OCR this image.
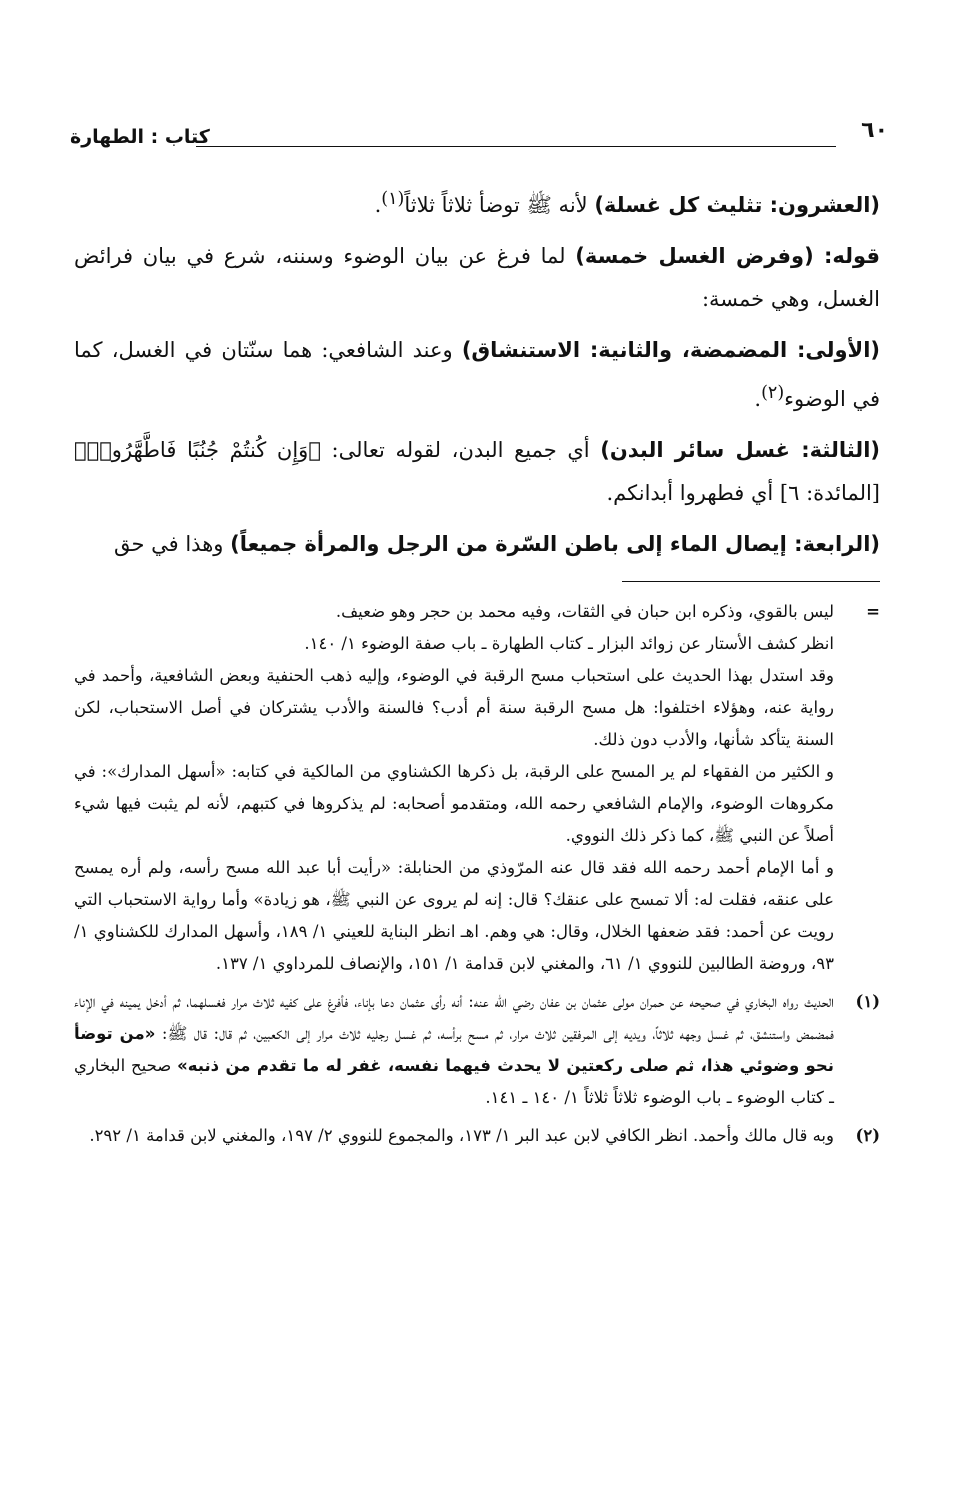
٦٠
كتاب : الطهارة

(العشرون: تثليث كل غسلة) لأنه ﷺ توضأ ثلاثاً ثلاثاً$^{(١)}$.

قوله: (وفرض الغسل خمسة) لما فرغ عن بيان الوضوء وسننه، شرع في بيان فرائض الغسل، وهي خمسة:

(الأولى: المضمضة، والثانية: الاستنشاق) وعند الشافعي: هما سنّتان في الغسل، كما في الوضوء$^{(٢)}$.

(الثالثة: غسل سائر البدن) أي جميع البدن، لقوله تعالى: ﴿وَإِن كُنتُمْ جُنُبًا فَاطَّهَّرُوا۟﴾ [المائدة: ٦] أي فطهروا أبدانكم.

(الرابعة: إيصال الماء إلى باطن السّرة من الرجل والمرأة جميعاً) وهذا في حق

=

ليس بالقوي، وذكره ابن حبان في الثقات، وفيه محمد بن حجر وهو ضعيف.

انظر كشف الأستار عن زوائد البزار ـ كتاب الطهارة ـ باب صفة الوضوء ١/ ١٤٠.

وقد استدل بهذا الحديث على استحباب مسح الرقبة في الوضوء، وإليه ذهب الحنفية وبعض الشافعية، وأحمد في رواية عنه، وهؤلاء اختلفوا: هل مسح الرقبة سنة أم أدب؟ فالسنة والأدب يشتركان في أصل الاستحباب، لكن السنة يتأكد شأنها، والأدب دون ذلك.

و الكثير من الفقهاء لم ير المسح على الرقبة، بل ذكرها الكشناوي من المالكية في كتابه: «أسهل المدارك»: في مكروهات الوضوء، والإمام الشافعي رحمه الله، ومتقدمو أصحابه: لم يذكروها في كتبهم، لأنه لم يثبت فيها شيء أصلاً عن النبي ﷺ، كما ذكر ذلك النووي.

و أما الإمام أحمد رحمه الله فقد قال عنه المرّوذي من الحنابلة: «رأيت أبا عبد الله مسح رأسه، ولم أره يمسح على عنقه، فقلت له: ألا تمسح على عنقك؟ قال: إنه لم يروى عن النبي ﷺ، هو زيادة» وأما رواية الاستحباب التي رويت عن أحمد: فقد ضعفها الخلال، وقال: هي وهم. اهـ انظر البناية للعيني ١/ ١٨٩، وأسهل المدارك للكشناوي ١/ ٩٣، وروضة الطالبين للنووي ١/ ٦١، والمغني لابن قدامة ١/ ١٥١، والإنصاف للمرداوي ١/ ١٣٧.

(١)

الحديث رواه البخاري في صحيحه عن حمران مولى عثمان بن عفان رضي الله عنه: أنه رأى عثمان دعا بإناء، فأفرغ على كفيه ثلاث مرار فغسلهما، ثم أدخل يمينه في الإناء فمضمض واستنشق، ثم غسل وجهه ثلاثاً، ويديه إلى المرفقين ثلاث مرار، ثم مسح برأسه، ثم غسل رجليه ثلاث مرار إلى الكعبين، ثم قال: قال ﷺ: «من توضأ نحو وضوئي هذا، ثم صلى ركعتين لا يحدث فيهما نفسه، غفر له ما تقدم من ذنبه» صحيح البخاري ـ كتاب الوضوء ـ باب الوضوء ثلاثاً ثلاثاً ١/ ١٤٠ ـ ١٤١.

(٢)

وبه قال مالك وأحمد. انظر الكافي لابن عبد البر ١/ ١٧٣، والمجموع للنووي ٢/ ١٩٧، والمغني لابن قدامة ١/ ٢٩٢.
